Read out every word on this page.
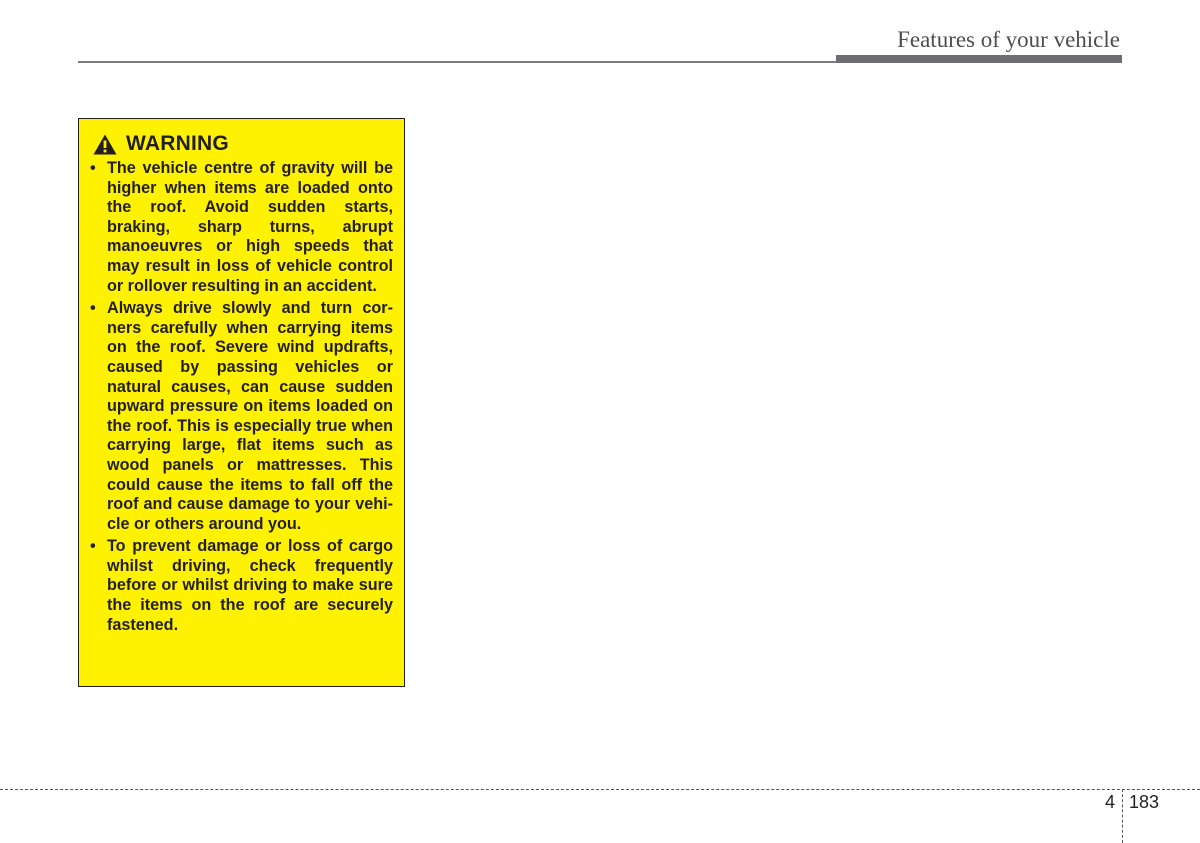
Features of your vehicle
WARNING
• The vehicle centre of gravity will be higher when items are loaded onto the roof. Avoid sudden starts, braking, sharp turns, abrupt manoeuvres or high speeds that may result in loss of vehicle control or rollover resulting in an accident.
• Always drive slowly and turn corners carefully when carrying items on the roof. Severe wind updrafts, caused by passing vehicles or natural causes, can cause sudden upward pressure on items loaded on the roof. This is especially true when carrying large, flat items such as wood panels or mattresses. This could cause the items to fall off the roof and cause damage to your vehicle or others around you.
• To prevent damage or loss of cargo whilst driving, check frequently before or whilst driving to make sure the items on the roof are securely fastened.
4 183
